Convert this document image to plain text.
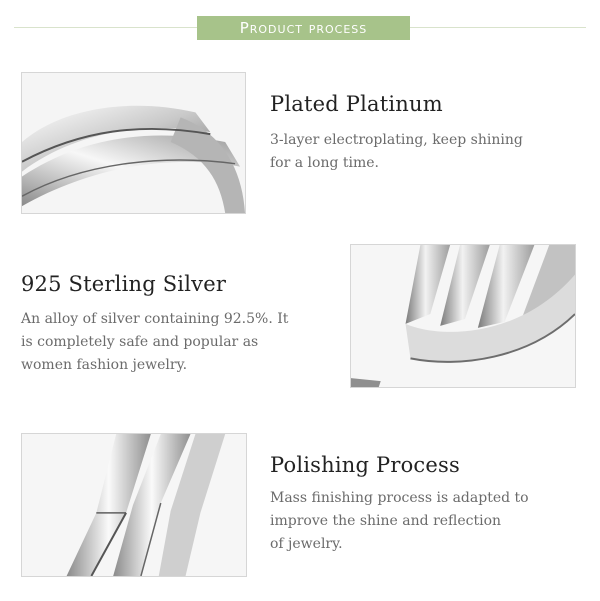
Product process
Plated Platinum
3-layer electroplating, keep shining
for a long time.
925 Sterling Silver
An alloy of silver containing 92.5%. It
is completely safe and popular as
women fashion jewelry.
Polishing Process
Mass finishing process is adapted to
improve the shine and reflection
of jewelry.
